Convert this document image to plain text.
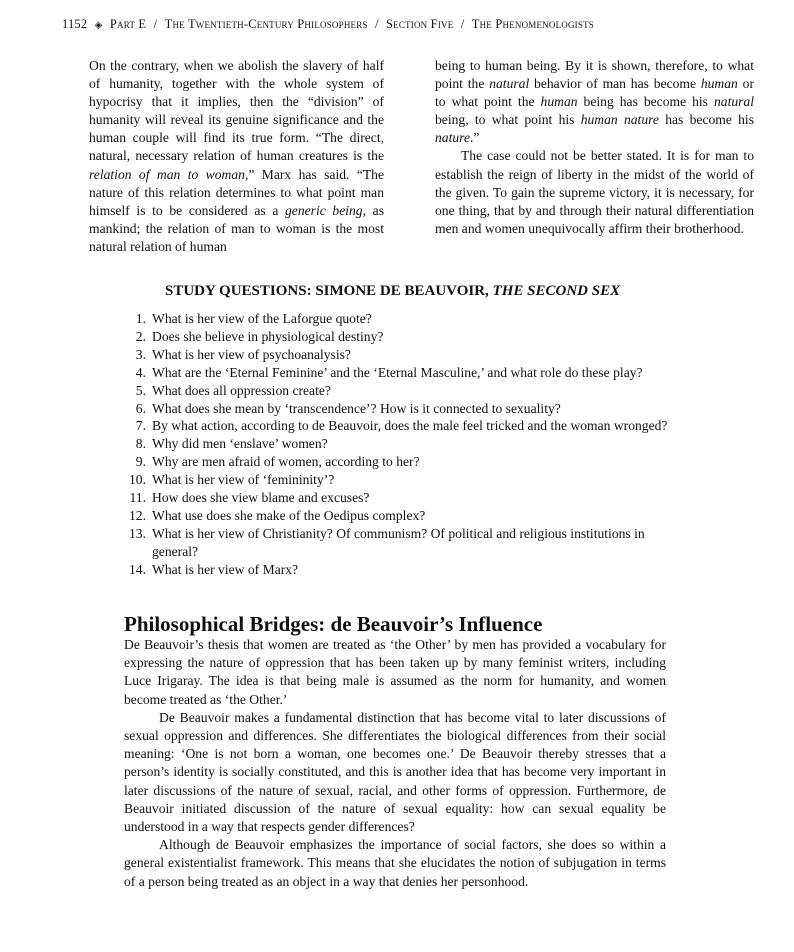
1152 ◈ Part E / The Twentieth-Century Philosophers / Section Five / The Phenomenologists

On the contrary, when we abolish the slavery of half of humanity, together with the whole system of hypocrisy that it implies, then the “division” of humanity will reveal its genuine significance and the human couple will find its true form. “The direct, natural, necessary relation of human creatures is the relation of man to woman,” Marx has said. “The nature of this relation determines to what point man himself is to be considered as a generic being, as mankind; the relation of man to woman is the most natural relation of human

being to human being. By it is shown, therefore, to what point the natural behavior of man has become human or to what point the human being has become his natural being, to what point his human nature has become his nature.”

The case could not be better stated. It is for man to establish the reign of liberty in the midst of the world of the given. To gain the supreme victory, it is necessary, for one thing, that by and through their natural differentiation men and women unequivocally affirm their brotherhood.

STUDY QUESTIONS: SIMONE DE BEAUVOIR, THE SECOND SEX
1. What is her view of the Laforgue quote?
2. Does she believe in physiological destiny?
3. What is her view of psychoanalysis?
4. What are the ‘Eternal Feminine’ and the ‘Eternal Masculine,’ and what role do these play?
5. What does all oppression create?
6. What does she mean by ‘transcendence’? How is it connected to sexuality?
7. By what action, according to de Beauvoir, does the male feel tricked and the woman wronged?
8. Why did men ‘enslave’ women?
9. Why are men afraid of women, according to her?
10. What is her view of ‘femininity’?
11. How does she view blame and excuses?
12. What use does she make of the Oedipus complex?
13. What is her view of Christianity? Of communism? Of political and religious institutions in general?
14. What is her view of Marx?
Philosophical Bridges: de Beauvoir’s Influence

De Beauvoir’s thesis that women are treated as ‘the Other’ by men has provided a vocabulary for expressing the nature of oppression that has been taken up by many feminist writers, including Luce Irigaray. The idea is that being male is assumed as the norm for humanity, and women become treated as ‘the Other.’

De Beauvoir makes a fundamental distinction that has become vital to later discussions of sexual oppression and differences. She differentiates the biological differences from their social meaning: ‘One is not born a woman, one becomes one.’ De Beauvoir thereby stresses that a person’s identity is socially constituted, and this is another idea that has become very important in later discussions of the nature of sexual, racial, and other forms of oppression. Furthermore, de Beauvoir initiated discussion of the nature of sexual equality: how can sexual equality be understood in a way that respects gender differences?

Although de Beauvoir emphasizes the importance of social factors, she does so within a general existentialist framework. This means that she elucidates the notion of subjugation in terms of a person being treated as an object in a way that denies her personhood.
